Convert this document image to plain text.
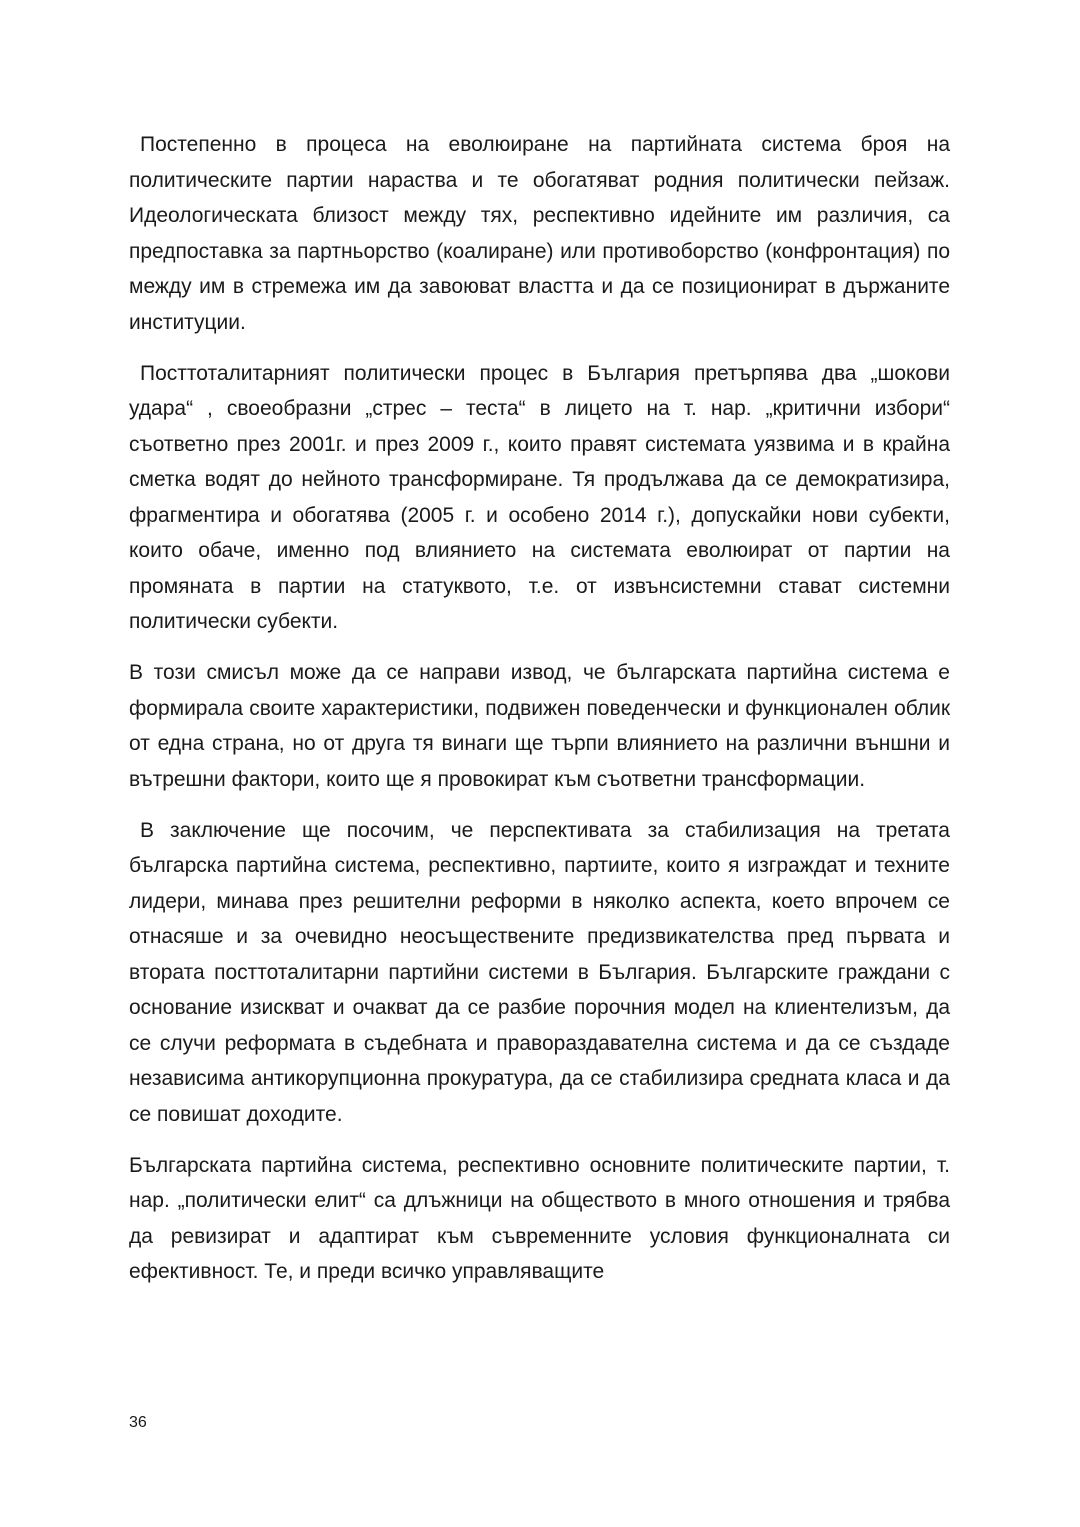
Постепенно в процеса на еволюиране на партийната система броя на политическите партии нараства и те обогатяват родния политически пейзаж. Идеологическата близост между тях, респективно идейните им различия, са предпоставка за партньорство (коалиране) или противоборство (конфронтация) по между им в стремежа им да завоюват властта и да се позиционират в държаните институции.

Посттоталитарният политически процес в България претърпява два „шокови удара“ , своеобразни „стрес – теста“ в лицето на т. нар. „критични избори“ съответно през 2001г. и през 2009 г., които правят системата уязвима и в крайна сметка водят до нейното трансформиране. Тя продължава да се демократизира, фрагментира и обогатява (2005 г. и особено 2014 г.), допускайки нови субекти, които обаче, именно под влиянието на системата еволюират от партии на промяната в партии на статуквото, т.е. от извънсистемни стават системни политически субекти.

В този смисъл може да се направи извод, че българската партийна система е формирала своите характеристики, подвижен поведенчески и функционален облик от една страна, но от друга тя винаги ще търпи влиянието на различни външни и вътрешни фактори, които ще я провокират към съответни трансформации.

В заключение ще посочим, че перспективата за стабилизация на третата българска партийна система, респективно, партиите, които я изграждат и техните лидери, минава през решителни реформи в няколко аспекта, което впрочем се отнасяше и за очевидно неосъществените предизвикателства пред първата и втората посттоталитарни партийни системи в България. Българските граждани с основание изискват и очакват да се разбие порочния модел на клиентелизъм, да се случи реформата в съдебната и правораздавателна система и да се създаде независима антикорупционна прокуратура, да се стабилизира средната класа и да се повишат доходите.

Българската партийна система, респективно основните политическите партии, т. нар. „политически елит“ са длъжници на обществото в много отношения и трябва да ревизират и адаптират към съвременните условия функционалната си ефективност. Те, и преди всичко управляващите

36
